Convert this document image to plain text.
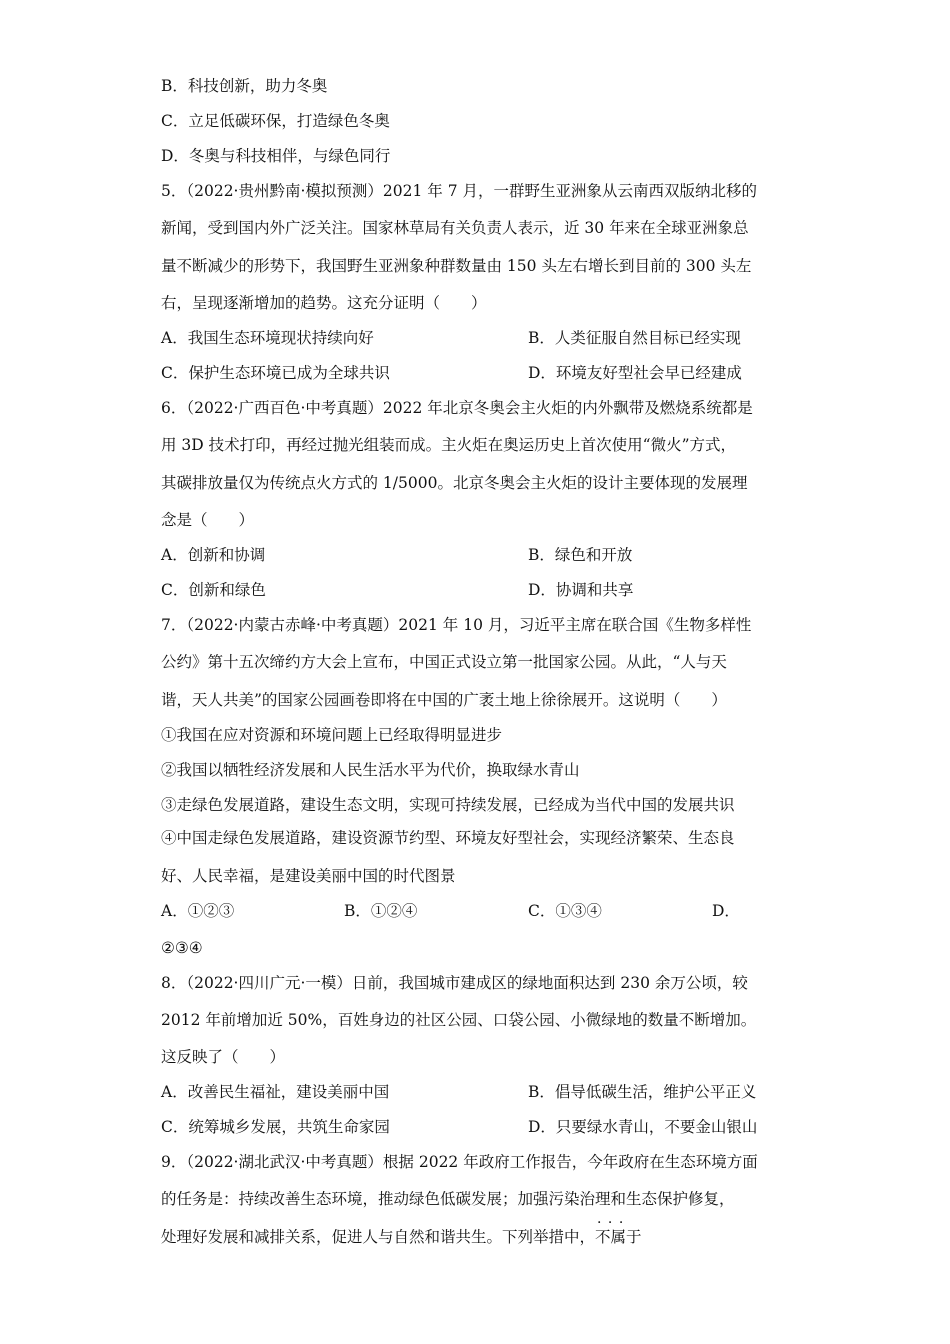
B．科技创新，助力冬奥
C．立足低碳环保，打造绿色冬奥
D．冬奥与科技相伴，与绿色同行
5．（2022·贵州黔南·模拟预测）2021 年 7 月，一群野生亚洲象从云南西双版纳北移的
新闻，受到国内外广泛关注。国家林草局有关负责人表示，近 30 年来在全球亚洲象总
量不断减少的形势下，我国野生亚洲象种群数量由 150 头左右增长到目前的 300 头左
右，呈现逐渐增加的趋势。这充分证明（　　）
A．我国生态环境现状持续向好	B．人类征服自然目标已经实现
C．保护生态环境已成为全球共识	D．环境友好型社会早已经建成
6．（2022·广西百色·中考真题）2022 年北京冬奥会主火炬的内外飘带及燃烧系统都是
用 3D 技术打印，再经过抛光组装而成。主火炬在奥运历史上首次使用“微火”方式，
其碳排放量仅为传统点火方式的 1/5000。北京冬奥会主火炬的设计主要体现的发展理
念是（　　）
A．创新和协调	B．绿色和开放
C．创新和绿色	D．协调和共享
7．（2022·内蒙古赤峰·中考真题）2021 年 10 月，习近平主席在联合国《生物多样性
公约》第十五次缔约方大会上宣布，中国正式设立第一批国家公园。从此，“人与天
谐，天人共美”的国家公园画卷即将在中国的广袤土地上徐徐展开。这说明（　　）
①我国在应对资源和环境问题上已经取得明显进步
②我国以牺牲经济发展和人民生活水平为代价，换取绿水青山
③走绿色发展道路，建设生态文明，实现可持续发展，已经成为当代中国的发展共识
④中国走绿色发展道路，建设资源节约型、环境友好型社会，实现经济繁荣、生态良
好、人民幸福，是建设美丽中国的时代图景
A．①②③	B．①②④	C．①③④	D．
②③④
8．（2022·四川广元·一模）日前，我国城市建成区的绿地面积达到 230 余万公顷，较
2012 年前增加近 50%，百姓身边的社区公园、口袋公园、小微绿地的数量不断增加。
这反映了（　　）
A．改善民生福祉，建设美丽中国	B．倡导低碳生活，维护公平正义
C．统筹城乡发展，共筑生命家园	D．只要绿水青山，不要金山银山
9．（2022·湖北武汉·中考真题）根据 2022 年政府工作报告，今年政府在生态环境方面
的任务是：持续改善生态环境，推动绿色低碳发展；加强污染治理和生态保护修复，
处理好发展和减排关系，促进人与自然和谐共生。下列举措中，· · · 不属于
